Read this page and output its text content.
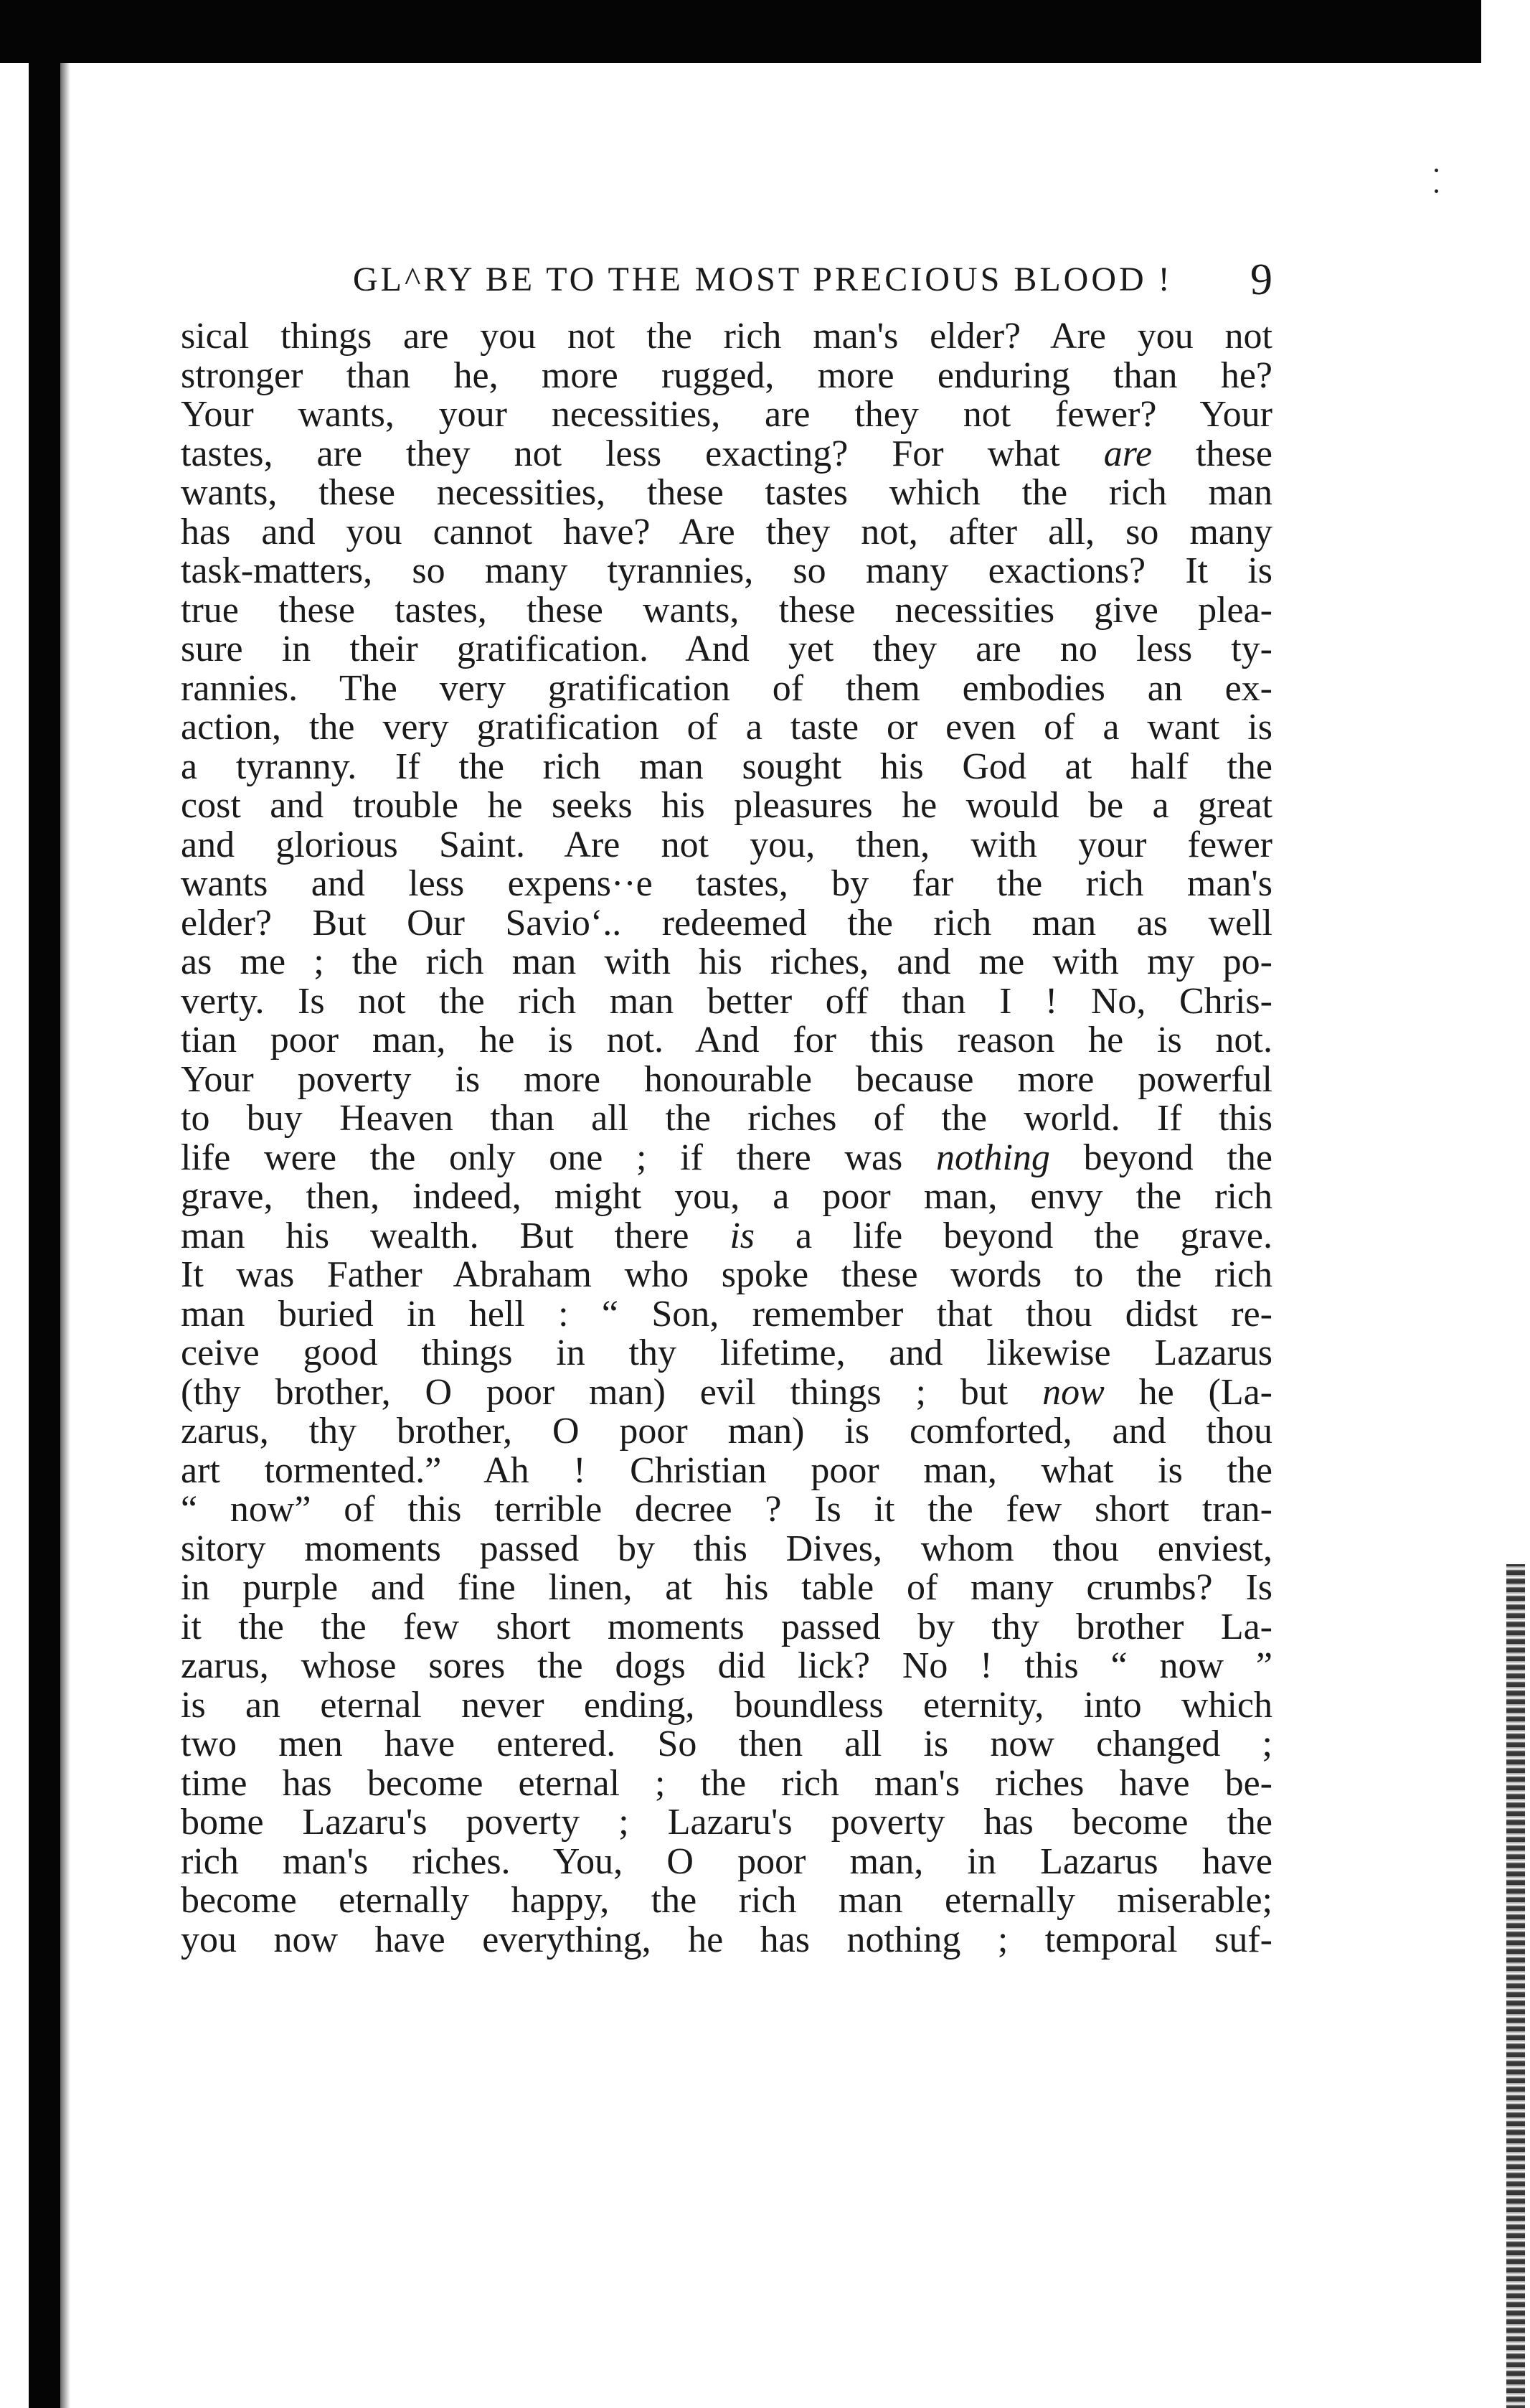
GL^RY BE TO THE MOST PRECIOUS BLOOD ! 9
sical things are you not the rich man's elder? Are you not
stronger than he, more rugged, more enduring than he?
Your wants, your necessities, are they not fewer? Your
tastes, are they not less exacting? For what are these
wants, these necessities, these tastes which the rich man
has and you cannot have? Are they not, after all, so many
task-matters, so many tyrannies, so many exactions? It is
true these tastes, these wants, these necessities give plea-
sure in their gratification. And yet they are no less ty-
rannies. The very gratification of them embodies an ex-
action, the very gratification of a taste or even of a want is
a tyranny. If the rich man sought his God at half the
cost and trouble he seeks his pleasures he would be a great
and glorious Saint. Are not you, then, with your fewer
wants and less expens··e tastes, by far the rich man's
elder? But Our Savioʻ.. redeemed the rich man as well
as me ; the rich man with his riches, and me with my po-
verty. Is not the rich man better off than I ! No, Chris-
tian poor man, he is not. And for this reason he is not.
Your poverty is more honourable because more powerful
to buy Heaven than all the riches of the world. If this
life were the only one ; if there was nothing beyond the
grave, then, indeed, might you, a poor man, envy the rich
man his wealth. But there is a life beyond the grave.
It was Father Abraham who spoke these words to the rich
man buried in hell : “ Son, remember that thou didst re-
ceive good things in thy lifetime, and likewise Lazarus
(thy brother, O poor man) evil things ; but now he (La-
zarus, thy brother, O poor man) is comforted, and thou
art tormented.” Ah ! Christian poor man, what is the
“ now” of this terrible decree ? Is it the few short tran-
sitory moments passed by this Dives, whom thou enviest,
in purple and fine linen, at his table of many crumbs? Is
it the the few short moments passed by thy brother La-
zarus, whose sores the dogs did lick? No ! this “ now ”
is an eternal never ending, boundless eternity, into which
two men have entered. So then all is now changed ;
time has become eternal ; the rich man's riches have be-
bome Lazaru's poverty ; Lazaru's poverty has become the
rich man's riches. You, O poor man, in Lazarus have
become eternally happy, the rich man eternally miserable;
you now have everything, he has nothing ; temporal suf-
